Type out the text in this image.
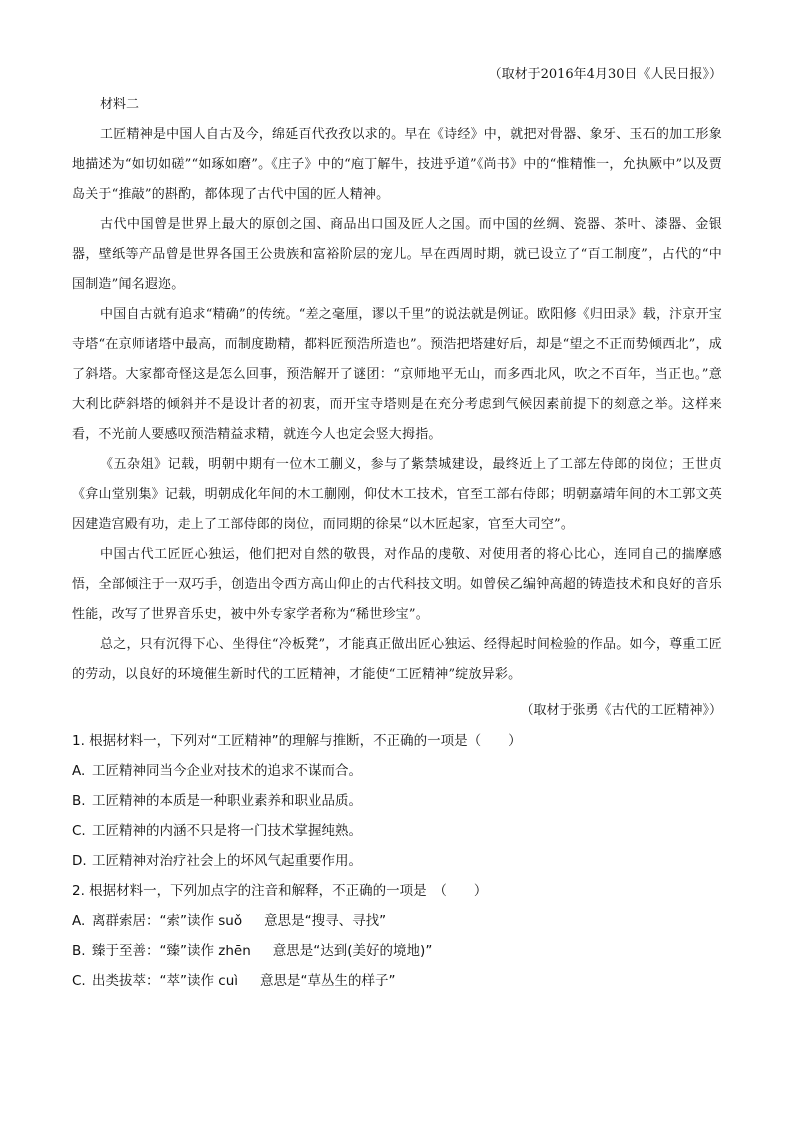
（取材于2016年4月30日《人民日报》）

材料二

工匠精神是中国人自古及今，绵延百代孜孜以求的。早在《诗经》中，就把对骨器、象牙、玉石的加工形象地描述为“如切如磋”“如琢如磨”。《庄子》中的“庖丁解牛，技进乎道”《尚书》中的“惟精惟一，允执厥中”以及贾岛关于“推敲”的斟酌，都体现了古代中国的匠人精神。

古代中国曾是世界上最大的原创之国、商品出口国及匠人之国。而中国的丝绸、瓷器、茶叶、漆器、金银器，壁纸等产品曾是世界各国王公贵族和富裕阶层的宠儿。早在西周时期，就已设立了“百工制度”，占代的“中国制造”闻名遐迩。

中国自古就有追求“精确”的传统。“差之毫厘，谬以千里”的说法就是例证。欧阳修《归田录》载，汴京开宝寺塔“在京师诸塔中最高，而制度勘精，都料匠预浩所造也”。预浩把塔建好后，却是“望之不正而势倾西北”，成了斜塔。大家都奇怪这是怎么回事，预浩解开了谜团：“京师地平无山，而多西北风，吹之不百年，当正也。”意大利比萨斜塔的倾斜并不是设计者的初衷，而开宝寺塔则是在充分考虑到气候因素前提下的刻意之举。这样来看，不光前人要感叹预浩精益求精，就连今人也定会竖大拇指。

《五杂俎》记载，明朝中期有一位木工蒯义，参与了紫禁城建设，最终近上了工部左侍郎的岗位；王世贞《弇山堂别集》记载，明朝成化年间的木工蒯刚，仰仗木工技术，官至工部右侍郎；明朝嘉靖年间的木工郭文英因建造宫殿有功，走上了工部侍郎的岗位，而同期的徐杲“以木匠起家，官至大司空”。

中国古代工匠匠心独运，他们把对自然的敬畏，对作品的虔敬、对使用者的将心比心，连同自己的揣摩感悟，全部倾注于一双巧手，创造出令西方高山仰止的古代科技文明。如曾侯乙编钟高超的铸造技术和良好的音乐性能，改写了世界音乐史，被中外专家学者称为“稀世珍宝”。

总之，只有沉得下心、坐得住“冷板凳”，才能真正做出匠心独运、经得起时间检验的作品。如今，尊重工匠的劳动，以良好的环境催生新时代的工匠精神，才能使“工匠精神”绽放异彩。

（取材于张勇《古代的工匠精神》）

1. 根据材料一，下列对“工匠精神”的理解与推断，不正确的一项是（　　）

A. 工匠精神同当今企业对技术的追求不谋而合。

B. 工匠精神的本质是一种职业素养和职业品质。

C. 工匠精神的内涵不只是将一门技术掌握纯熟。

D. 工匠精神对治疗社会上的坏风气起重要作用。

2. 根据材料一，下列加点字的注音和解释，不正确的一项是　（　　）

A. 离群索居：“索”读作 suǒ 意思是“搜寻、寻找”

B. 臻于至善：“臻”读作 zhēn 意思是“达到(美好的境地)”

C. 出类拔萃：“萃”读作 cuì 意思是“草丛生的样子”
